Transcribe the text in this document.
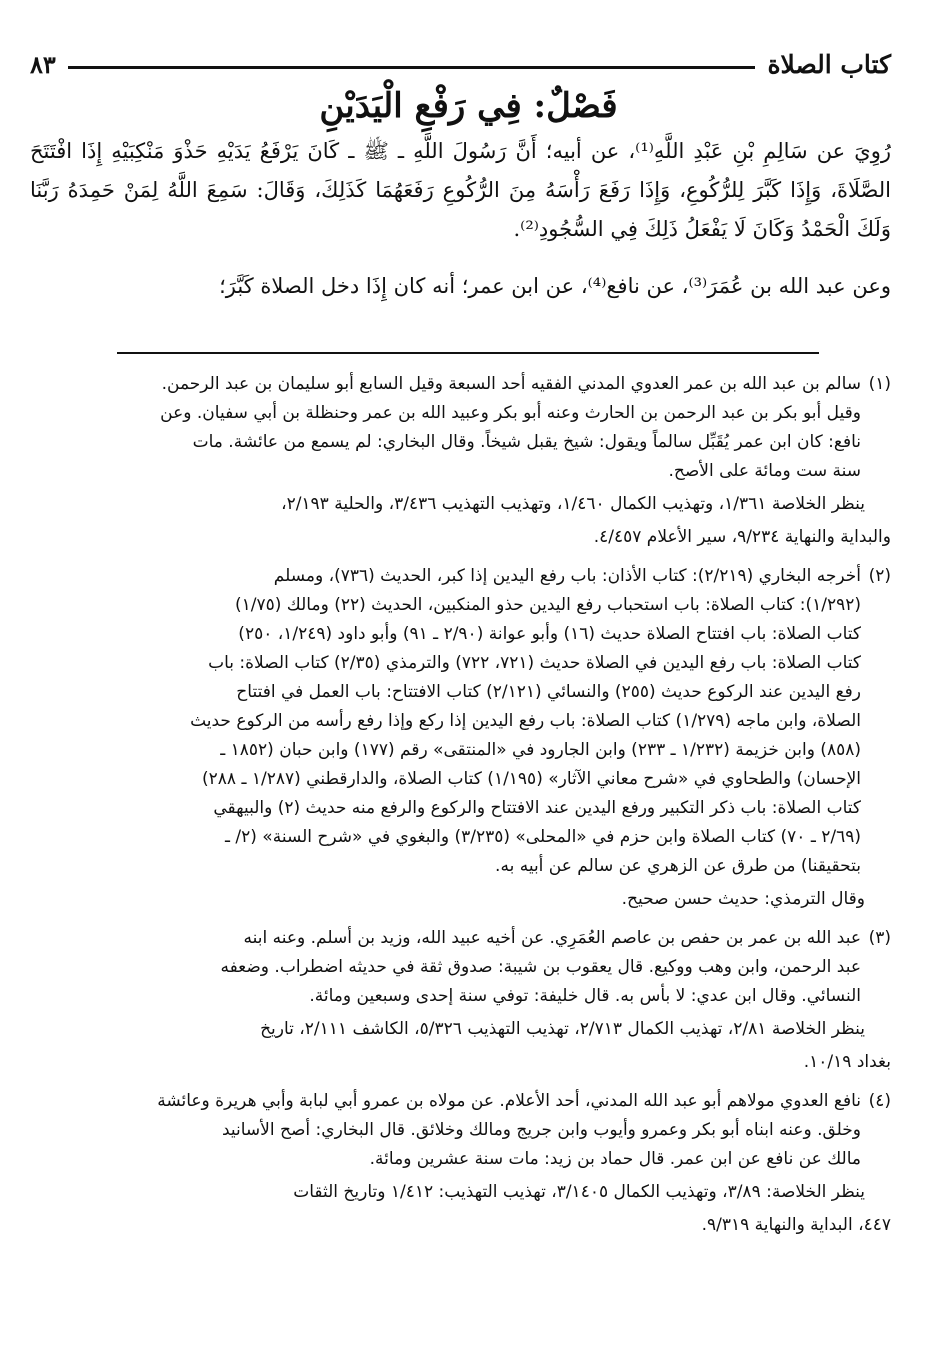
كتاب الصلاة
٨٣
فَصْلٌ: فِي رَفْعِ الْيَدَيْنِ

رُوِيَ عن سَالِمِ بْنِ عَبْدِ اللَّهِ⁽¹⁾، عن أبيه؛ أَنَّ رَسُولَ اللَّهِ ـ ﷺ ـ كَانَ يَرْفَعُ يَدَيْهِ حَذْوَ مَنْكِبَيْهِ إِذَا افْتَتَحَ الصَّلَاةَ، وَإِذَا كَبَّرَ لِلرُّكُوعِ، وَإِذَا رَفَعَ رَأْسَهُ مِنَ الرُّكُوعِ رَفَعَهُمَا كَذَلِكَ، وَقَالَ: سَمِعَ اللَّهُ لِمَنْ حَمِدَهُ رَبَّنَا وَلَكَ الْحَمْدُ وَكَانَ لَا يَفْعَلُ ذَلِكَ فِي السُّجُودِ⁽²⁾.

وعن عبد الله بن عُمَرَ⁽³⁾، عن نافع⁽⁴⁾، عن ابن عمر؛ أنه كان إِذَا دخل الصلاة كَبَّرَ؛

(١)
سالم بن عبد الله بن عمر العدوي المدني الفقيه أحد السبعة وقيل السابع أبو سليمان بن عبد الرحمن.
وقيل أبو بكر بن عبد الرحمن بن الحارث وعنه أبو بكر وعبيد الله بن عمر وحنظلة بن أبي سفيان. وعن
نافع: كان ابن عمر يُقَبِّل سالماً ويقول: شيخ يقبل شيخاً. وقال البخاري: لم يسمع من عائشة. مات
سنة ست ومائة على الأصح.
ينظر الخلاصة ١/٣٦١، وتهذيب الكمال ١/٤٦٠، وتهذيب التهذيب ٣/٤٣٦، والحلية ٢/١٩٣،
والبداية والنهاية ٩/٢٣٤، سير الأعلام ٤/٤٥٧.
(٢)
أخرجه البخاري (٢/٢١٩): كتاب الأذان: باب رفع اليدين إذا كبر، الحديث (٧٣٦)، ومسلم
(١/٢٩٢): كتاب الصلاة: باب استحباب رفع اليدين حذو المنكبين، الحديث (٢٢) ومالك (١/٧٥)
كتاب الصلاة: باب افتتاح الصلاة حديث (١٦) وأبو عوانة (٢/٩٠ ـ ٩١) وأبو داود (١/٢٤٩، ٢٥٠)
كتاب الصلاة: باب رفع اليدين في الصلاة حديث (٧٢١، ٧٢٢) والترمذي (٢/٣٥) كتاب الصلاة: باب
رفع اليدين عند الركوع حديث (٢٥٥) والنسائي (٢/١٢١) كتاب الافتتاح: باب العمل في افتتاح
الصلاة، وابن ماجه (١/٢٧٩) كتاب الصلاة: باب رفع اليدين إذا ركع وإذا رفع رأسه من الركوع حديث
(٨٥٨) وابن خزيمة (١/٢٣٢ ـ ٢٣٣) وابن الجارود في «المنتقى» رقم (١٧٧) وابن حبان (١٨٥٢ ـ
الإحسان) والطحاوي في «شرح معاني الآثار» (١/١٩٥) كتاب الصلاة، والدارقطني (١/٢٨٧ ـ ٢٨٨)
كتاب الصلاة: باب ذكر التكبير ورفع اليدين عند الافتتاح والركوع والرفع منه حديث (٢) والبيهقي
(٢/٦٩ ـ ٧٠) كتاب الصلاة وابن حزم في «المحلى» (٣/٢٣٥) والبغوي في «شرح السنة» (٢/ ـ
بتحقيقنا) من طرق عن الزهري عن سالم عن أبيه به.
وقال الترمذي: حديث حسن صحيح.
(٣)
عبد الله بن عمر بن حفص بن عاصم العُمَرِي. عن أخيه عبيد الله، وزيد بن أسلم. وعنه ابنه
عبد الرحمن، وابن وهب ووكيع. قال يعقوب بن شيبة: صدوق ثقة في حديثه اضطراب. وضعفه
النسائي. وقال ابن عدي: لا بأس به. قال خليفة: توفي سنة إحدى وسبعين ومائة.
ينظر الخلاصة ٢/٨١، تهذيب الكمال ٢/٧١٣، تهذيب التهذيب ٥/٣٢٦، الكاشف ٢/١١١، تاريخ
بغداد ١٠/١٩.
(٤)
نافع العدوي مولاهم أبو عبد الله المدني، أحد الأعلام. عن مولاه بن عمرو أبي لبابة وأبي هريرة وعائشة
وخلق. وعنه ابناه أبو بكر وعمرو وأيوب وابن جريج ومالك وخلائق. قال البخاري: أصح الأسانيد
مالك عن نافع عن ابن عمر. قال حماد بن زيد: مات سنة عشرين ومائة.
ينظر الخلاصة: ٣/٨٩، وتهذيب الكمال ٣/١٤٠٥، تهذيب التهذيب: ١/٤١٢ وتاريخ الثقات
٤٤٧، البداية والنهاية ٩/٣١٩.
